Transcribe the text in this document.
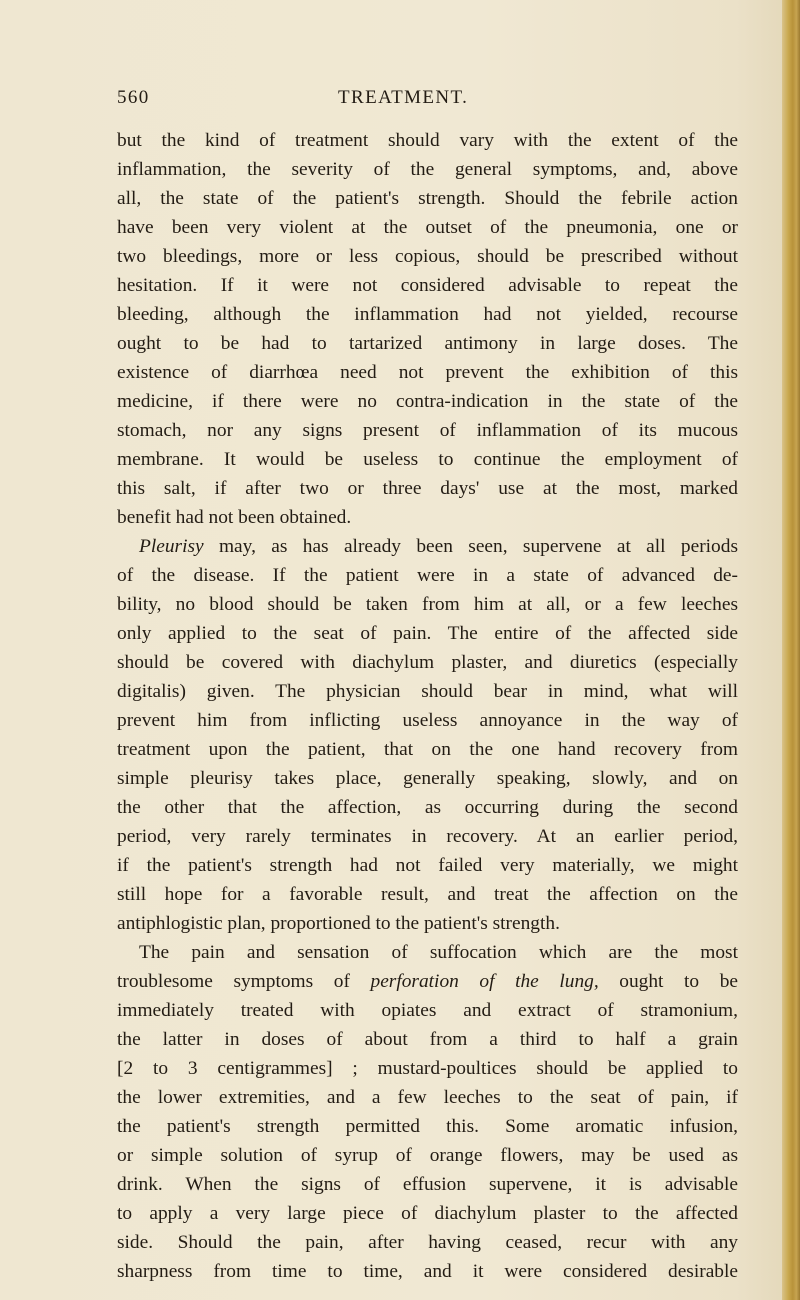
560	TREATMENT.
but the kind of treatment should vary with the extent of the
inflammation, the severity of the general symptoms, and, above
all, the state of the patient's strength. Should the febrile action
have been very violent at the outset of the pneumonia, one or
two bleedings, more or less copious, should be prescribed without
hesitation. If it were not considered advisable to repeat the
bleeding, although the inflammation had not yielded, recourse
ought to be had to tartarized antimony in large doses. The
existence of diarrhœa need not prevent the exhibition of this
medicine, if there were no contra-indication in the state of the
stomach, nor any signs present of inflammation of its mucous
membrane. It would be useless to continue the employment of
this salt, if after two or three days' use at the most, marked
benefit had not been obtained.
Pleurisy may, as has already been seen, supervene at all periods
of the disease. If the patient were in a state of advanced de-
bility, no blood should be taken from him at all, or a few leeches
only applied to the seat of pain. The entire of the affected side
should be covered with diachylum plaster, and diuretics (especially
digitalis) given. The physician should bear in mind, what will
prevent him from inflicting useless annoyance in the way of
treatment upon the patient, that on the one hand recovery from
simple pleurisy takes place, generally speaking, slowly, and on
the other that the affection, as occurring during the second
period, very rarely terminates in recovery. At an earlier period,
if the patient's strength had not failed very materially, we might
still hope for a favorable result, and treat the affection on the
antiphlogistic plan, proportioned to the patient's strength.
The pain and sensation of suffocation which are the most
troublesome symptoms of perforation of the lung, ought to be
immediately treated with opiates and extract of stramonium,
the latter in doses of about from a third to half a grain
[2 to 3 centigrammes] ; mustard-poultices should be applied to
the lower extremities, and a few leeches to the seat of pain, if
the patient's strength permitted this. Some aromatic infusion,
or simple solution of syrup of orange flowers, may be used as
drink. When the signs of effusion supervene, it is advisable
to apply a very large piece of diachylum plaster to the affected
side. Should the pain, after having ceased, recur with any
sharpness from time to time, and it were considered desirable
